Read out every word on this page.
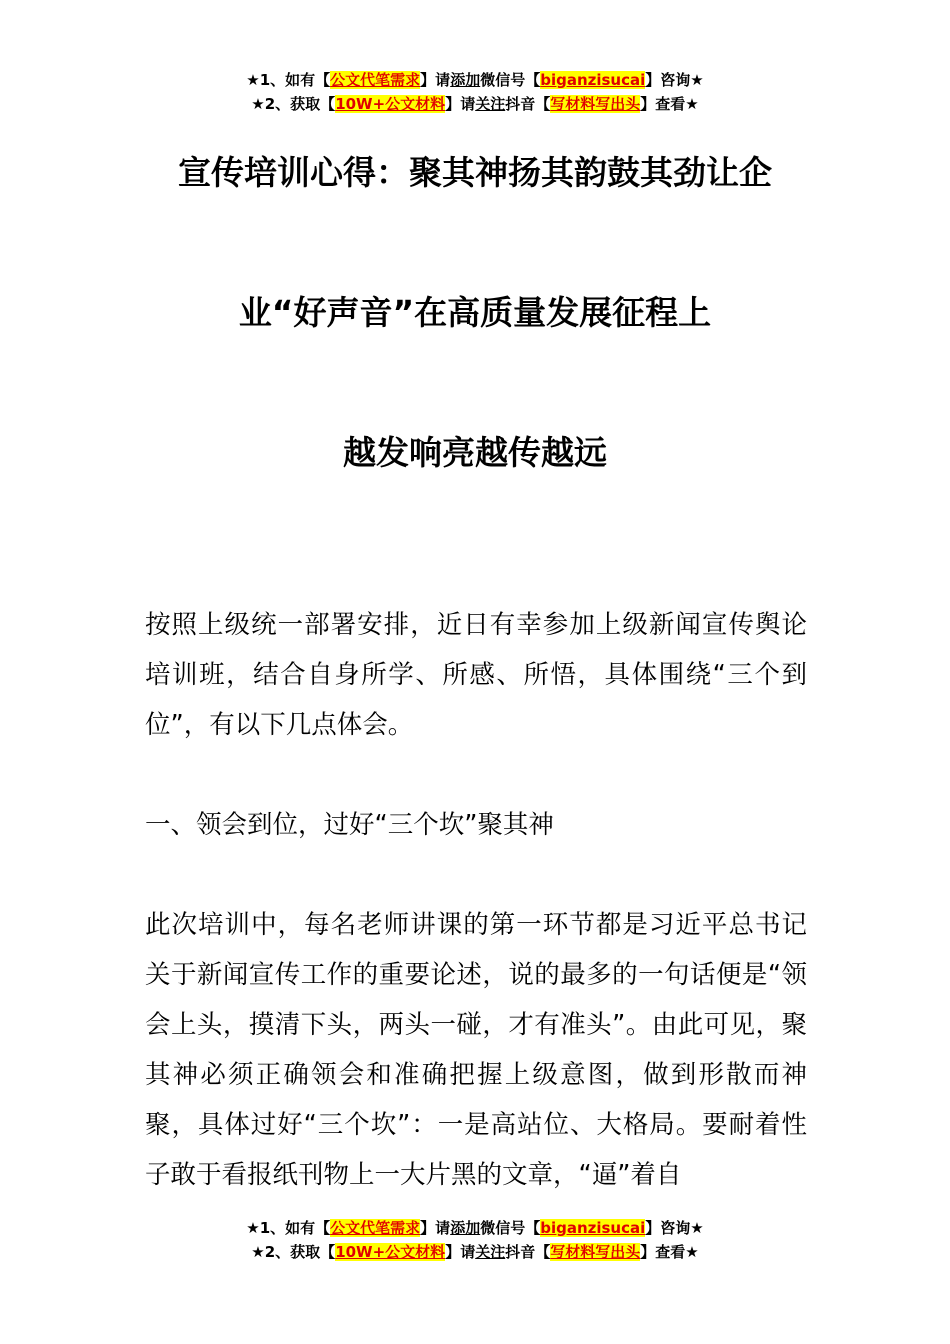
★1、如有【公文代笔需求】请添加微信号【biganzisucai】咨询★
★2、获取【10W+公文材料】请关注抖音【写材料写出头】查看★
宣传培训心得：聚其神扬其韵鼓其劲让企
业“好声音”在高质量发展征程上
越发响亮越传越远

按照上级统一部署安排，近日有幸参加上级新闻宣传舆论培训班，结合自身所学、所感、所悟，具体围绕“三个到位”，有以下几点体会。

一、领会到位，过好“三个坎”聚其神

此次培训中，每名老师讲课的第一环节都是习近平总书记关于新闻宣传工作的重要论述，说的最多的一句话便是“领会上头，摸清下头，两头一碰，才有准头”。由此可见，聚其神必须正确领会和准确把握上级意图，做到形散而神聚，具体过好“三个坎”：一是高站位、大格局。要耐着性子敢于看报纸刊物上一大片黑的文章，“逼”着自

★1、如有【公文代笔需求】请添加微信号【biganzisucai】咨询★
★2、获取【10W+公文材料】请关注抖音【写材料写出头】查看★
